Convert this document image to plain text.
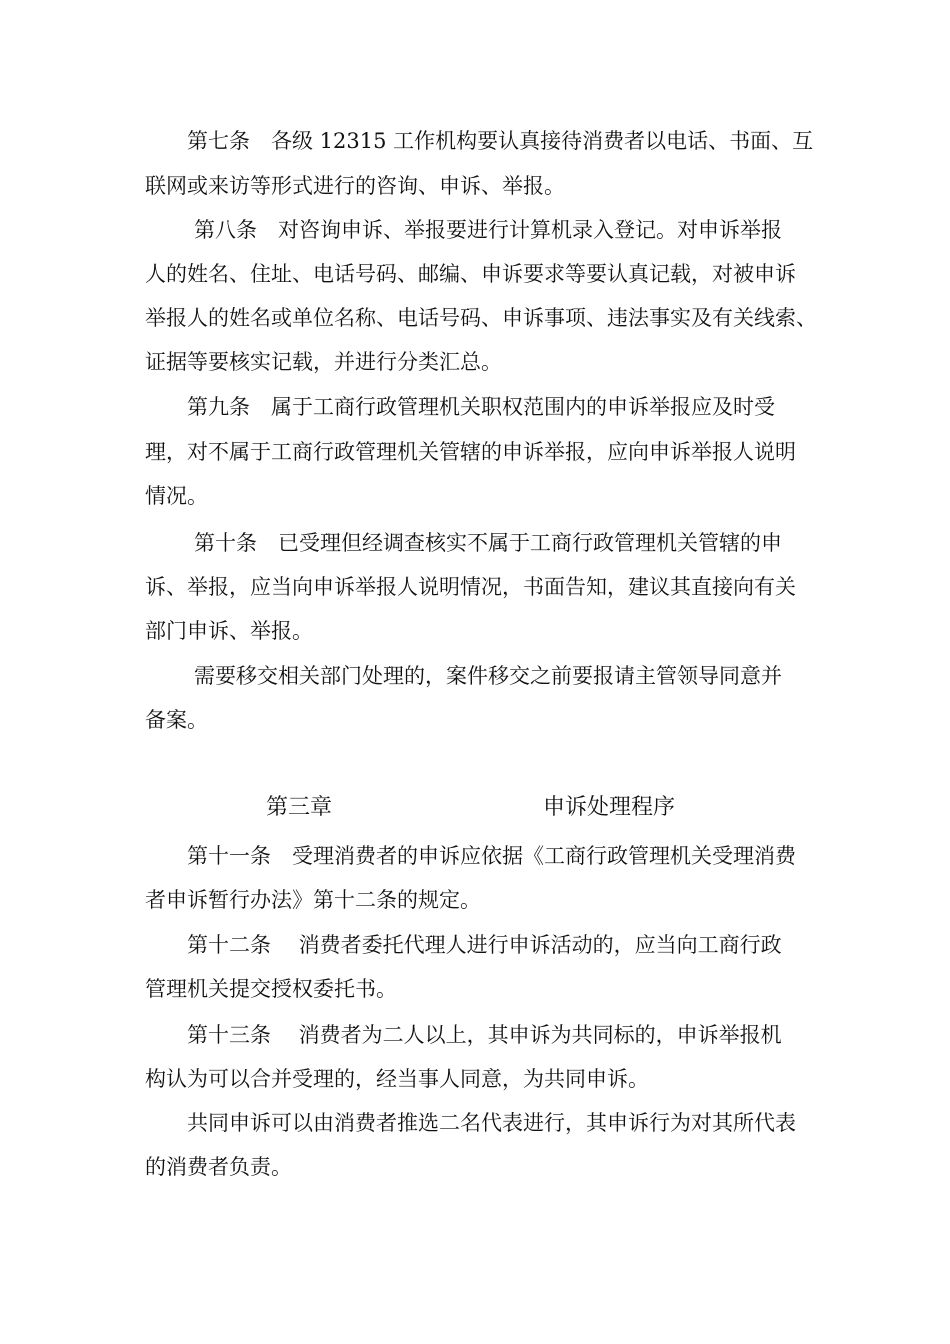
第七条　各级 12315 工作机构要认真接待消费者以电话、书面、互
联网或来访等形式进行的咨询、申诉、举报。
第八条　对咨询申诉、举报要进行计算机录入登记。对申诉举报
人的姓名、住址、电话号码、邮编、申诉要求等要认真记载，对被申诉
举报人的姓名或单位名称、电话号码、申诉事项、违法事实及有关线索、
证据等要核实记载，并进行分类汇总。
第九条　属于工商行政管理机关职权范围内的申诉举报应及时受
理，对不属于工商行政管理机关管辖的申诉举报，应向申诉举报人说明
情况。
第十条　已受理但经调查核实不属于工商行政管理机关管辖的申
诉、举报，应当向申诉举报人说明情况，书面告知，建议其直接向有关
部门申诉、举报。
需要移交相关部门处理的，案件移交之前要报请主管领导同意并
备案。
第三章	申诉处理程序
第十一条　受理消费者的申诉应依据《工商行政管理机关受理消费
者申诉暂行办法》第十二条的规定。
第十二条　 消费者委托代理人进行申诉活动的，应当向工商行政
管理机关提交授权委托书。
第十三条　 消费者为二人以上，其申诉为共同标的，申诉举报机
构认为可以合并受理的，经当事人同意，为共同申诉。
共同申诉可以由消费者推选二名代表进行，其申诉行为对其所代表
的消费者负责。
